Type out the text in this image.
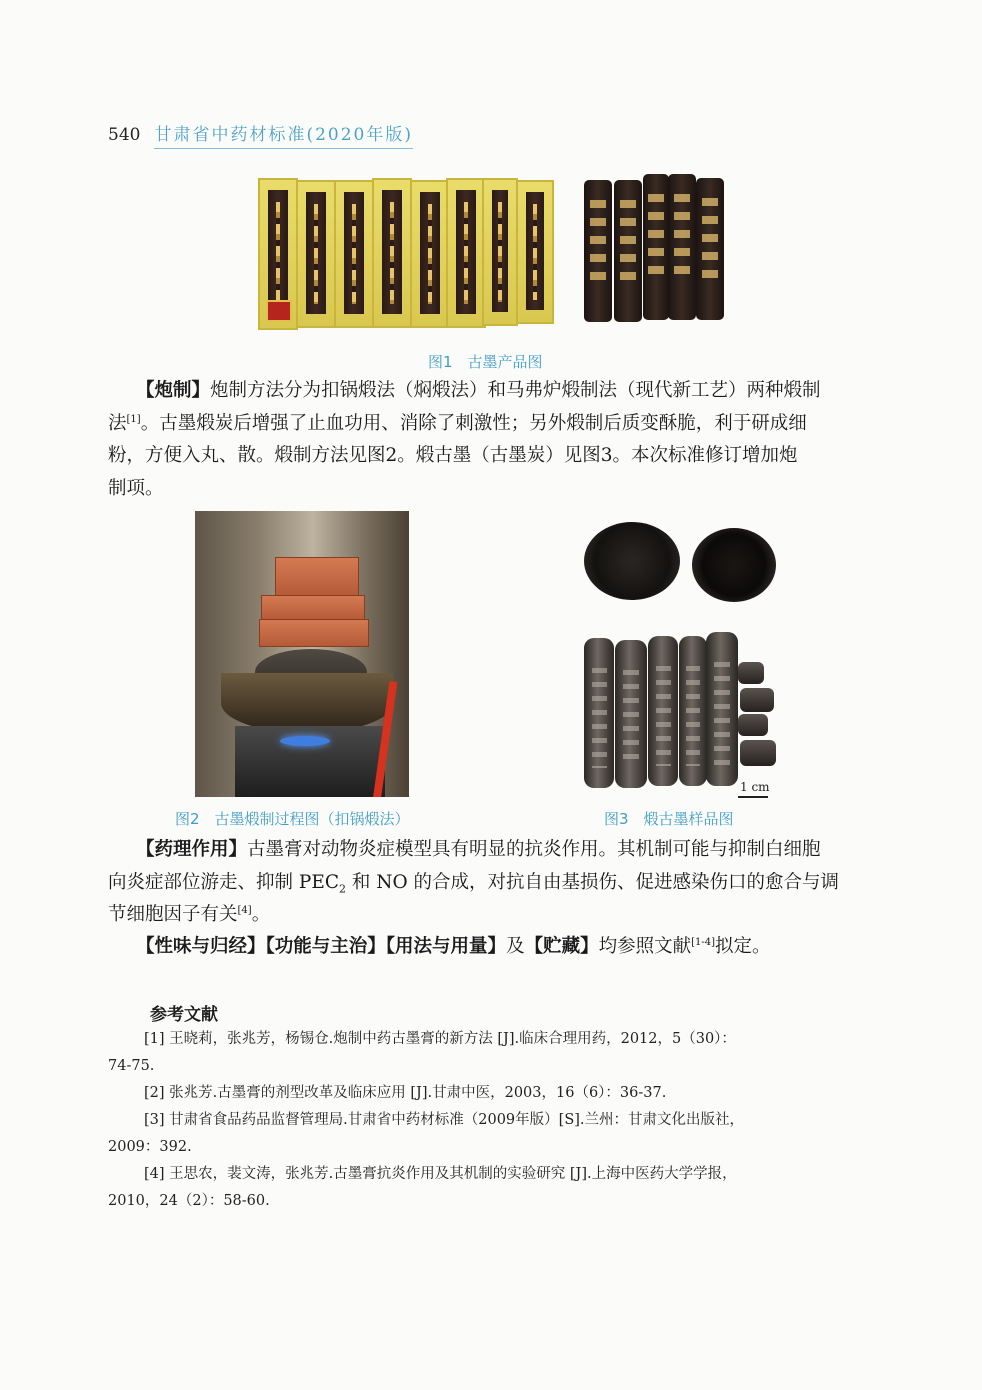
540 甘肃省中药材标准(2020年版)
图1　古墨产品图
【炮制】炮制方法分为扣锅煅法（焖煅法）和马弗炉煅制法（现代新工艺）两种煅制
法[1]。古墨煅炭后增强了止血功用、消除了刺激性；另外煅制后质变酥脆，利于研成细
粉，方便入丸、散。煅制方法见图2。煅古墨（古墨炭）见图3。本次标准修订增加炮
制项。
图2　古墨煅制过程图（扣锅煅法）
1 cm
图3　煅古墨样品图
【药理作用】古墨膏对动物炎症模型具有明显的抗炎作用。其机制可能与抑制白细胞
向炎症部位游走、抑制 $PEC_2$ 和 NO 的合成，对抗自由基损伤、促进感染伤口的愈合与调
节细胞因子有关[4]。
【性味与归经】【功能与主治】【用法与用量】及【贮藏】均参照文献[1-4]拟定。
参考文献
[1] 王晓莉，张兆芳，杨锡仓.炮制中药古墨膏的新方法 [J].临床合理用药，2012，5（30）：
74-75.
[2] 张兆芳.古墨膏的剂型改革及临床应用 [J].甘肃中医，2003，16（6）：36-37.
[3] 甘肃省食品药品监督管理局.甘肃省中药材标准（2009年版）[S].兰州：甘肃文化出版社，
2009：392.
[4] 王思农，裴文涛，张兆芳.古墨膏抗炎作用及其机制的实验研究 [J].上海中医药大学学报，
2010，24（2）：58-60.
